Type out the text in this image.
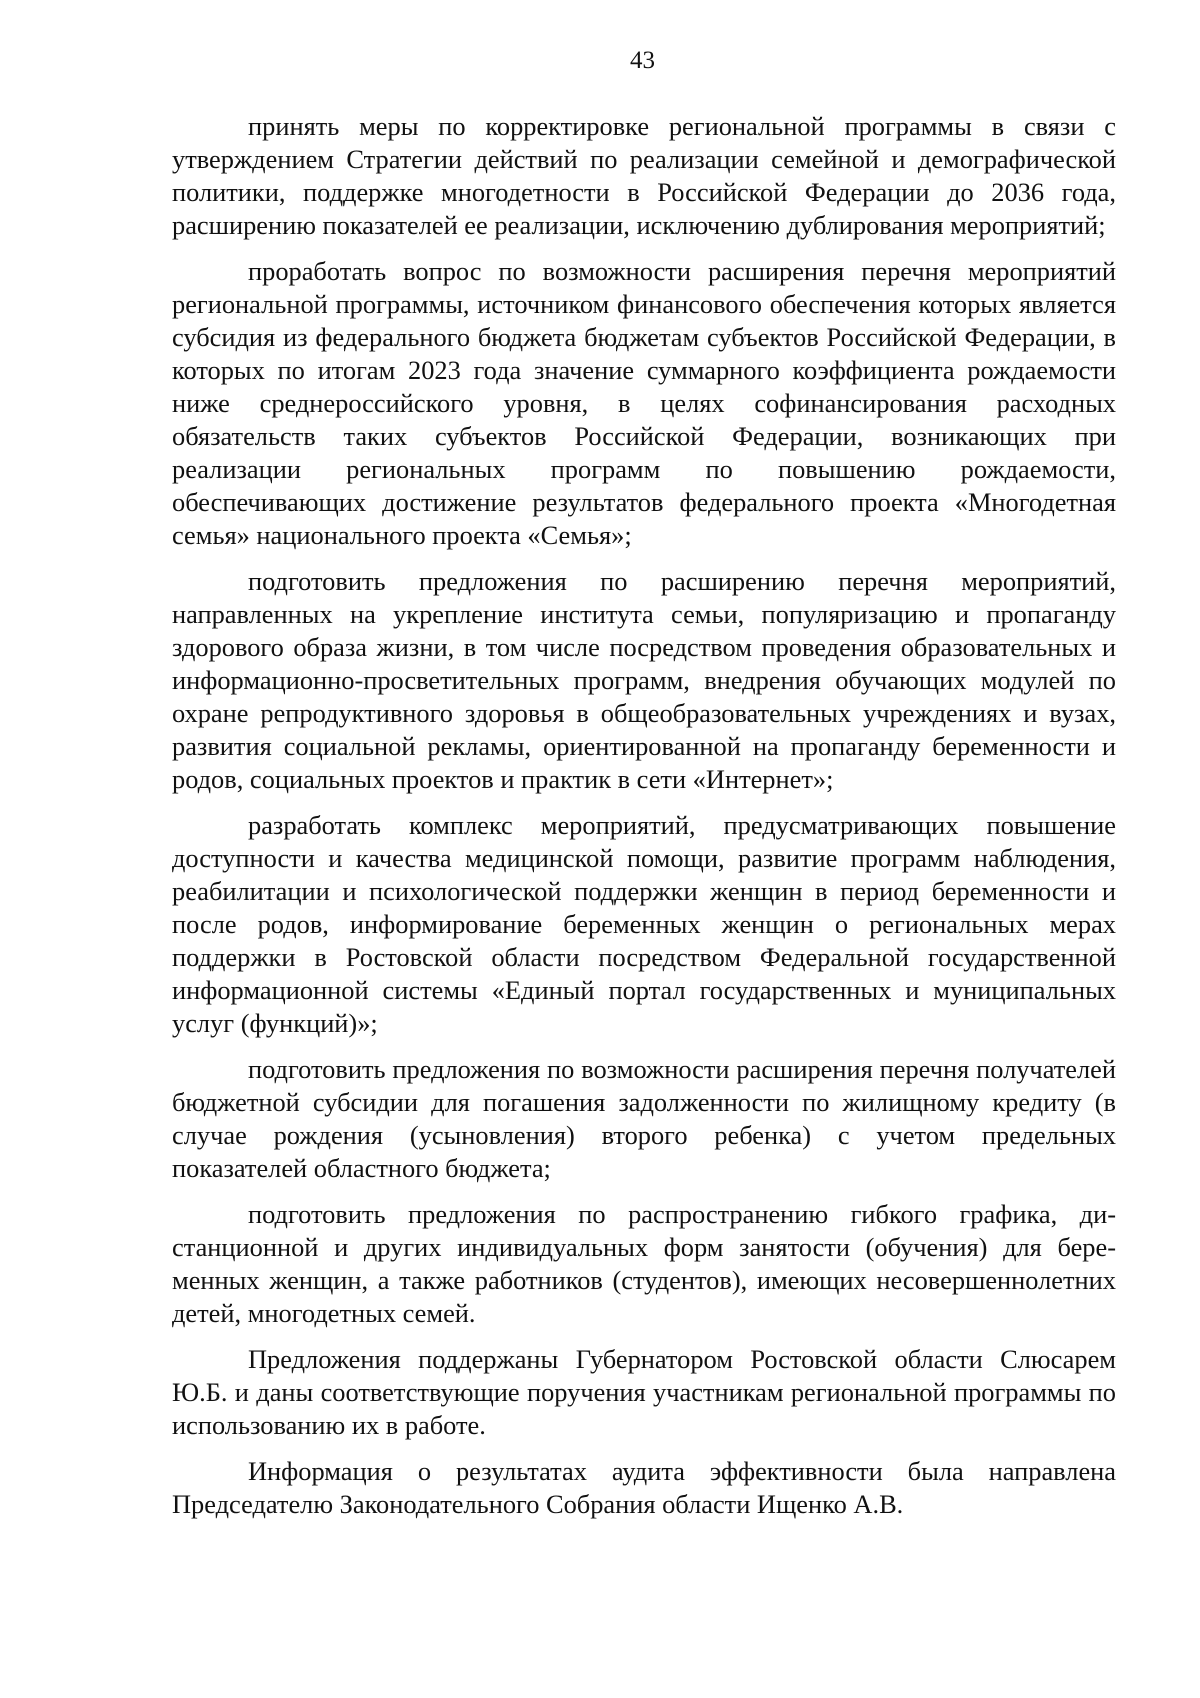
43

принять меры по корректировке региональной программы в связи с утверждением Стратегии действий по реализации семейной и демографической политики, поддержке многодетности в Российской Федерации до 2036 года, расширению показателей ее реализации, исключению дублирования мероприятий;

проработать вопрос по возможности расширения перечня мероприятий региональной программы, источником финансового обеспечения которых является субсидия из федерального бюджета бюджетам субъектов Российской Федерации, в которых по итогам 2023 года значение суммарного коэффициента рождаемости ниже среднероссийского уровня, в целях софинансирования расходных обязательств таких субъектов Российской Федерации, возникающих при реализации региональных программ по повышению рождаемости, обеспечивающих достижение результатов федерального проекта «Многодетная семья» национального проекта «Семья»;

подготовить предложения по расширению перечня мероприятий, направленных на укрепление института семьи, популяризацию и пропаганду здорового образа жизни, в том числе посредством проведения образовательных и информационно-просветительных программ, внедрения обучающих модулей по охране репродуктивного здоровья в общеобразовательных учреждениях и вузах, развития социальной рекламы, ориентированной на пропаганду беременности и родов, социальных проектов и практик в сети «Интернет»;

разработать комплекс мероприятий, предусматривающих повышение доступности и качества медицинской помощи, развитие программ наблюдения, реабилитации и психологической поддержки женщин в период беременности и после родов, информирование беременных женщин о региональных мерах поддержки в Ростовской области посредством Федеральной государственной информационной системы «Единый портал государственных и муниципальных услуг (функций)»;

подготовить предложения по возможности расширения перечня получателей бюджетной субсидии для погашения задолженности по жилищному кредиту (в случае рождения (усыновления) второго ребенка) с учетом предельных показателей областного бюджета;

подготовить предложения по распространению гибкого графика, дистанционной и других индивидуальных форм занятости (обучения) для беременных женщин, а также работников (студентов), имеющих несовершеннолетних детей, многодетных семей.

Предложения поддержаны Губернатором Ростовской области Слюсарем Ю.Б. и даны соответствующие поручения участникам региональной программы по использованию их в работе.

Информация о результатах аудита эффективности была направлена Председателю Законодательного Собрания области Ищенко А.В.
